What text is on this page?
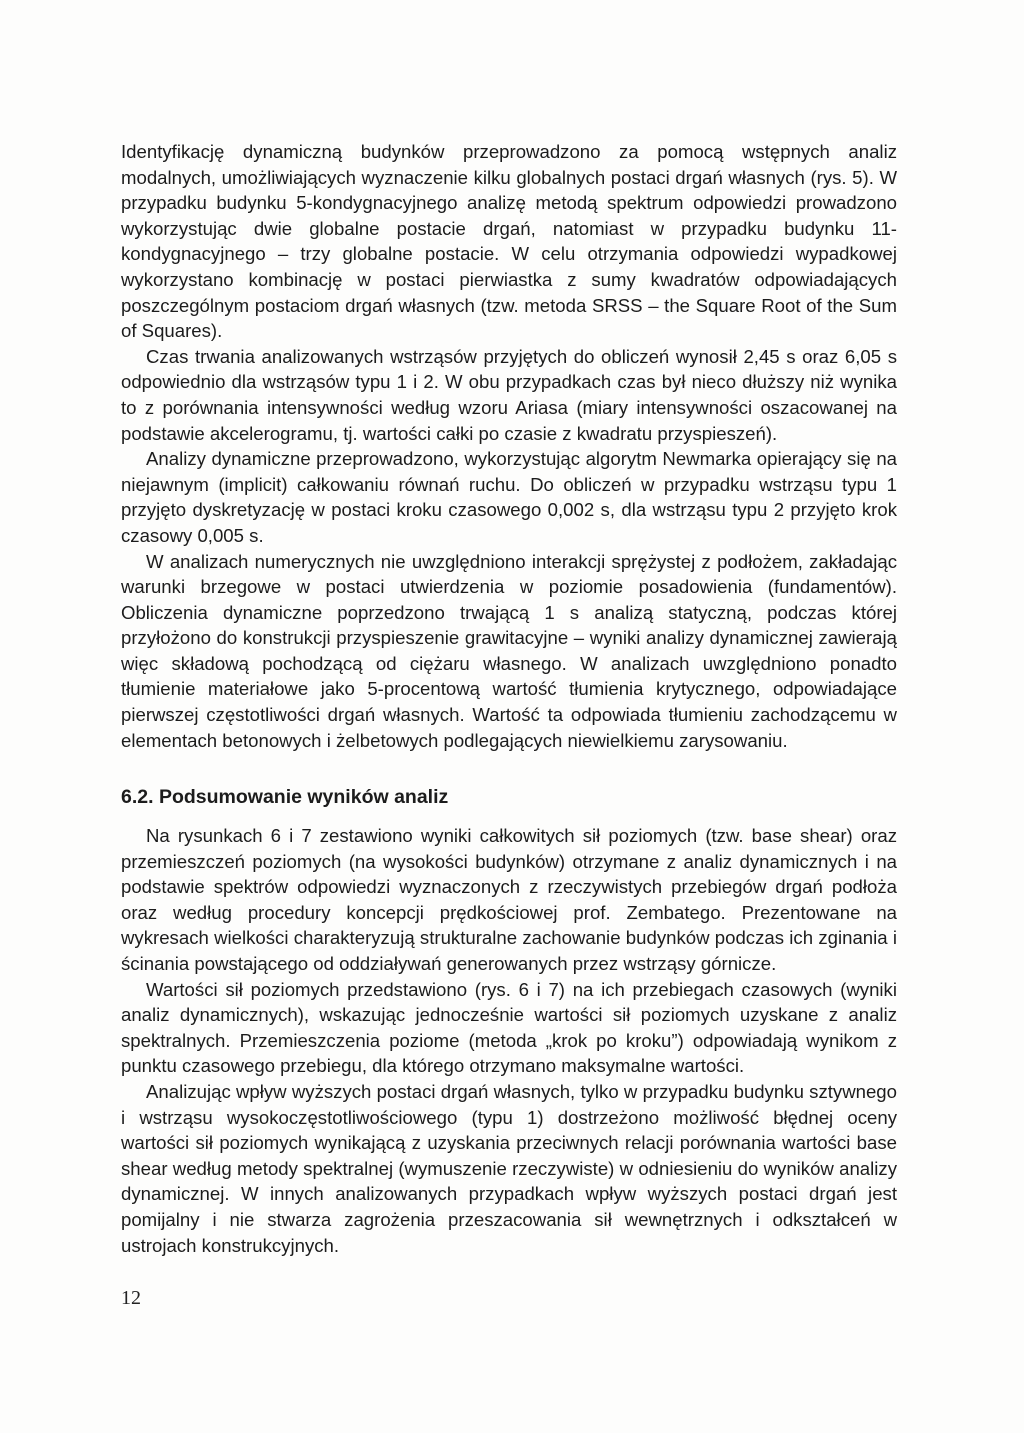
Identyfikację dynamiczną budynków przeprowadzono za pomocą wstępnych analiz modalnych, umożliwiających wyznaczenie kilku globalnych postaci drgań własnych (rys. 5). W przypadku budynku 5-kondygnacyjnego analizę metodą spektrum odpowiedzi prowadzono wykorzystując dwie globalne postacie drgań, natomiast w przypadku budynku 11-kondygnacyjnego – trzy globalne postacie. W celu otrzymania odpowiedzi wypadkowej wykorzystano kombinację w postaci pierwiastka z sumy kwadratów odpowiadających poszczególnym postaciom drgań własnych (tzw. metoda SRSS – the Square Root of the Sum of Squares).

Czas trwania analizowanych wstrząsów przyjętych do obliczeń wynosił 2,45 s oraz 6,05 s odpowiednio dla wstrząsów typu 1 i 2. W obu przypadkach czas był nieco dłuższy niż wynika to z porównania intensywności według wzoru Ariasa (miary intensywności oszacowanej na podstawie akcelerogramu, tj. wartości całki po czasie z kwadratu przyspieszeń).

Analizy dynamiczne przeprowadzono, wykorzystując algorytm Newmarka opierający się na niejawnym (implicit) całkowaniu równań ruchu. Do obliczeń w przypadku wstrząsu typu 1 przyjęto dyskretyzację w postaci kroku czasowego 0,002 s, dla wstrząsu typu 2 przyjęto krok czasowy 0,005 s.

W analizach numerycznych nie uwzględniono interakcji sprężystej z podłożem, zakładając warunki brzegowe w postaci utwierdzenia w poziomie posadowienia (fundamentów). Obliczenia dynamiczne poprzedzono trwającą 1 s analizą statyczną, podczas której przyłożono do konstrukcji przyspieszenie grawitacyjne – wyniki analizy dynamicznej zawierają więc składową pochodzącą od ciężaru własnego. W analizach uwzględniono ponadto tłumienie materiałowe jako 5-procentową wartość tłumienia krytycznego, odpowiadające pierwszej częstotliwości drgań własnych. Wartość ta odpowiada tłumieniu zachodzącemu w elementach betonowych i żelbetowych podlegających niewielkiemu zarysowaniu.

6.2. Podsumowanie wyników analiz

Na rysunkach 6 i 7 zestawiono wyniki całkowitych sił poziomych (tzw. base shear) oraz przemieszczeń poziomych (na wysokości budynków) otrzymane z analiz dynamicznych i na podstawie spektrów odpowiedzi wyznaczonych z rzeczywistych przebiegów drgań podłoża oraz według procedury koncepcji prędkościowej prof. Zembatego. Prezentowane na wykresach wielkości charakteryzują strukturalne zachowanie budynków podczas ich zginania i ścinania powstającego od oddziaływań generowanych przez wstrząsy górnicze.

Wartości sił poziomych przedstawiono (rys. 6 i 7) na ich przebiegach czasowych (wyniki analiz dynamicznych), wskazując jednocześnie wartości sił poziomych uzyskane z analiz spektralnych. Przemieszczenia poziome (metoda „krok po kroku”) odpowiadają wynikom z punktu czasowego przebiegu, dla którego otrzymano maksymalne wartości.

Analizując wpływ wyższych postaci drgań własnych, tylko w przypadku budynku sztywnego i wstrząsu wysokoczęstotliwościowego (typu 1) dostrzeżono możliwość błędnej oceny wartości sił poziomych wynikającą z uzyskania przeciwnych relacji porównania wartości base shear według metody spektralnej (wymuszenie rzeczywiste) w odniesieniu do wyników analizy dynamicznej. W innych analizowanych przypadkach wpływ wyższych postaci drgań jest pomijalny i nie stwarza zagrożenia przeszacowania sił wewnętrznych i odkształceń w ustrojach konstrukcyjnych.

12
